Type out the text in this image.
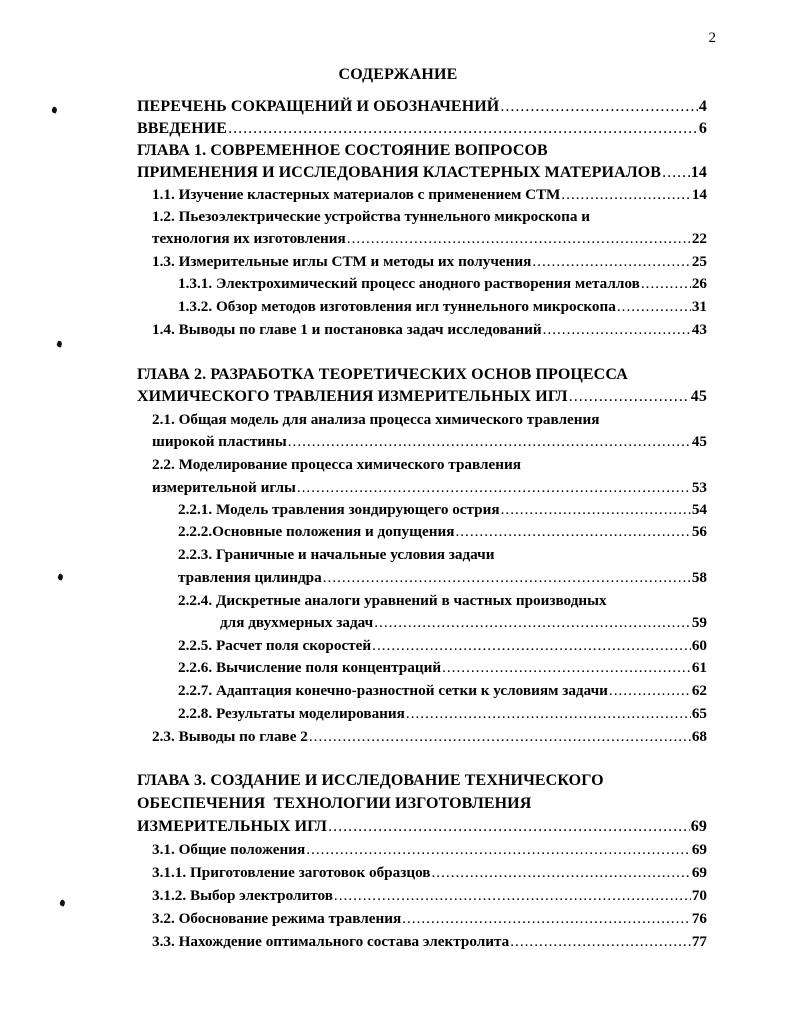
2
СОДЕРЖАНИЕ
ПЕРЕЧЕНЬ СОКРАЩЕНИЙ И ОБОЗНАЧЕНИЙ .....	4
ВВЕДЕНИЕ .....	6
ГЛАВА 1. СОВРЕМЕННОЕ СОСТОЯНИЕ ВОПРОСОВ
ПРИМЕНЕНИЯ И ИССЛЕДОВАНИЯ КЛАСТЕРНЫХ МАТЕРИАЛОВ ..... 14
1.1. Изучение кластерных материалов с применением СТМ .....	14
1.2. Пьезоэлектрические устройства туннельного микроскопа и
технология их изготовления .....	22
1.3. Измерительные иглы СТМ и методы их получения .....	25
1.3.1. Электрохимический процесс анодного растворения металлов .....	26
1.3.2. Обзор методов изготовления игл туннельного микроскопа .....	31
1.4. Выводы по главе 1 и постановка задач исследований .....	43
ГЛАВА 2. РАЗРАБОТКА ТЕОРЕТИЧЕСКИХ ОСНОВ ПРОЦЕССА
ХИМИЧЕСКОГО ТРАВЛЕНИЯ ИЗМЕРИТЕЛЬНЫХ ИГЛ .....	45
2.1. Общая модель для анализа процесса химического травления
широкой пластины .....	45
2.2. Моделирование процесса химического травления
измерительной иглы .....	53
2.2.1. Модель травления зондирующего острия .....	54
2.2.2.Основные положения и допущения .....	56
2.2.3. Граничные и начальные условия задачи
травления цилиндра .....	58
2.2.4. Дискретные аналоги уравнений в частных производных
для двухмерных задач .....	59
2.2.5. Расчет поля скоростей .....	60
2.2.6. Вычисление поля концентраций .....	61
2.2.7. Адаптация конечно-разностной сетки к условиям задачи .....	62
2.2.8. Результаты моделирования .....	65
2.3. Выводы по главе 2 .....	68
ГЛАВА 3. СОЗДАНИЕ И ИССЛЕДОВАНИЕ ТЕХНИЧЕСКОГО
ОБЕСПЕЧЕНИЯ  ТЕХНОЛОГИИ ИЗГОТОВЛЕНИЯ
ИЗМЕРИТЕЛЬНЫХ ИГЛ .....	69
3.1. Общие положения .....	69
3.1.1. Приготовление заготовок образцов .....	69
3.1.2. Выбор электролитов .....	70
3.2. Обоснование режима травления .....	76
3.3. Нахождение оптимального состава электролита .....	77
